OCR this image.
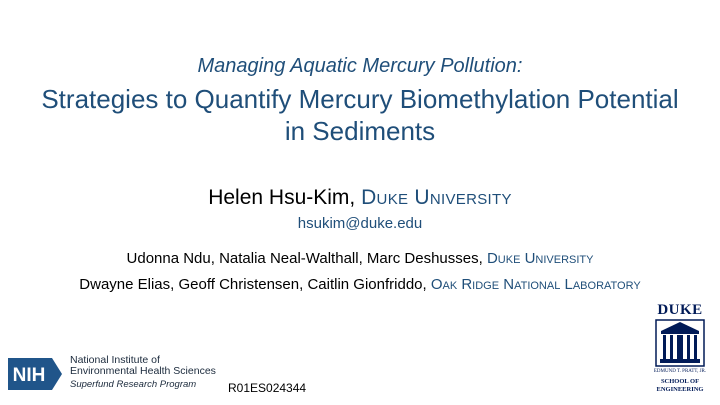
Managing Aquatic Mercury Pollution:
Strategies to Quantify Mercury Biomethylation Potential
in Sediments
Helen Hsu-Kim, Duke University
hsukim@duke.edu
Udonna Ndu, Natalia Neal-Walthall, Marc Deshusses, Duke University
Dwayne Elias, Geoff Christensen, Caitlin Gionfriddo, Oak Ridge National Laboratory
NIH
National Institute of
Environmental Health Sciences
Superfund Research Program	R01ES024344
DUKE
EDMUND T. PRATT, JR.
SCHOOL OF
ENGINEERING
